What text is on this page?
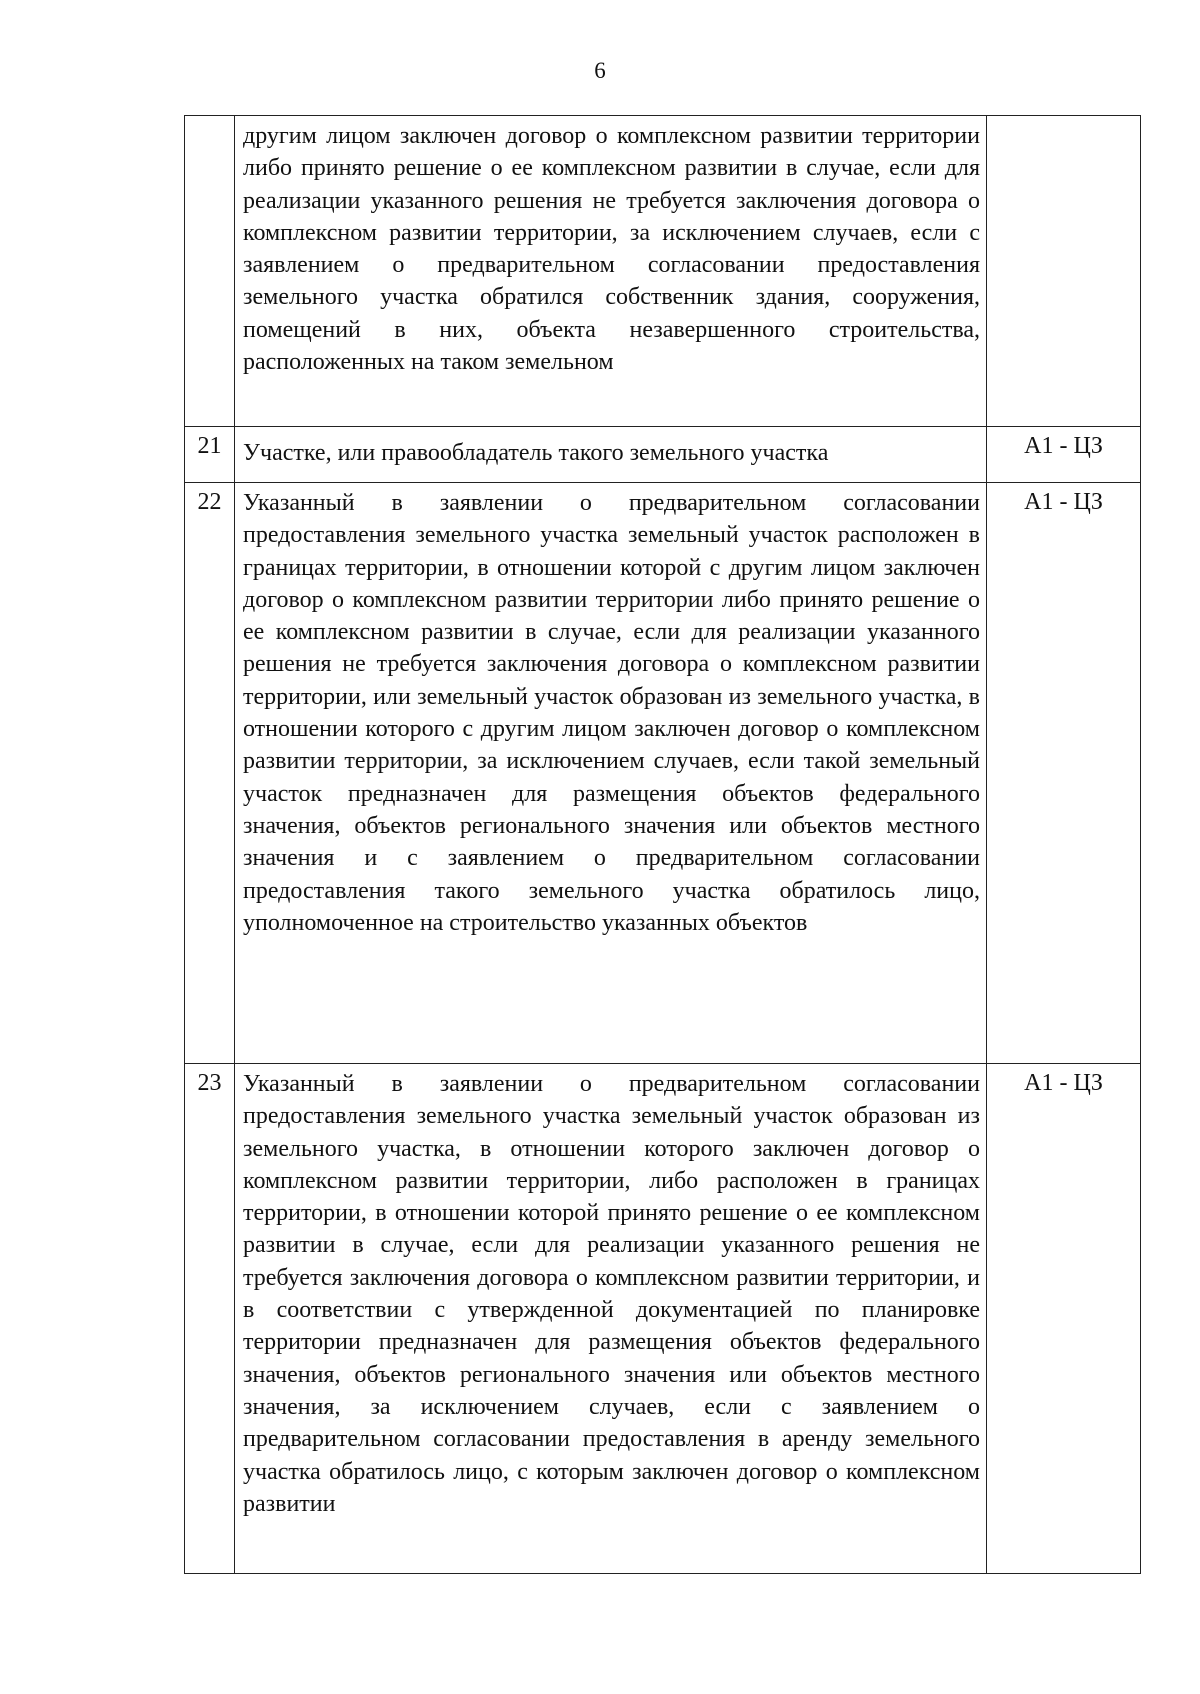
6
другим лицом заключен договор о комплексном развитии территории либо принято решение о ее комплексном развитии в случае, если для реализации указанного решения не требуется заключения договора о комплексном развитии территории, за исключением случаев, если с заявлением о предварительном согласовании предоставления земельного участка обратился собственник здания, сооружения, помещений в них, объекта незавершенного строительства, расположенных на таком земельном
21 Участке, или правообладатель такого земельного участка	А1 - ЦЗ
22 Указанный в заявлении о предварительном согласовании предоставления земельного участка земельный участок расположен в границах территории, в отношении которой с другим лицом заключен договор о комплексном развитии территории либо принято решение о ее комплексном развитии в случае, если для реализации указанного решения не требуется заключения договора о комплексном развитии территории, или земельный участок образован из земельного участка, в отношении которого с другим лицом заключен договор о комплексном развитии территории, за исключением случаев, если такой земельный участок предназначен для размещения объектов федерального значения, объектов регионального значения или объектов местного значения и с заявлением о предварительном согласовании предоставления такого земельного участка обратилось лицо, уполномоченное на строительство указанных объектов
А1 - ЦЗ
23 Указанный в заявлении о предварительном согласовании предоставления земельного участка земельный участок образован из земельного участка, в отношении которого заключен договор о комплексном развитии территории, либо расположен в границах территории, в отношении которой принято решение о ее комплексном развитии в случае, если для реализации указанного решения не требуется заключения договора о комплексном развитии территории, и в соответствии с утвержденной документацией по планировке территории предназначен для размещения объектов федерального значения, объектов регионального значения или объектов местного значения, за исключением случаев, если с заявлением о предварительном согласовании предоставления в аренду земельного участка обратилось лицо, с которым заключен договор о комплексном развитии
А1 - ЦЗ
